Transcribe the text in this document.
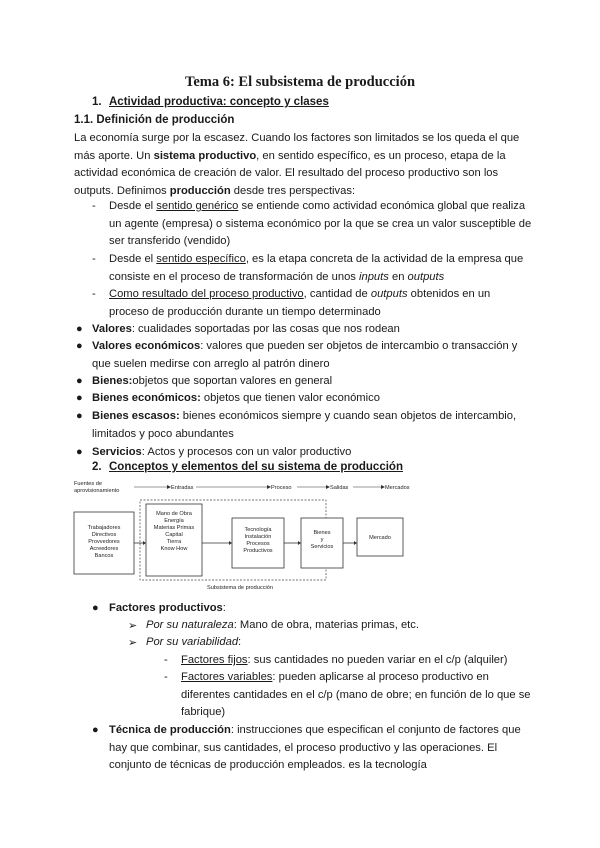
Tema 6: El subsistema de producción
1. Actividad productiva: concepto y clases
1.1. Definición de producción
La economía surge por la escasez. Cuando los factores son limitados se los queda el que
más aporte. Un sistema productivo, en sentido específico, es un proceso, etapa de la
actividad económica de creación de valor. El resultado del proceso productivo son los
outputs. Definimos producción desde tres perspectivas:
- Desde el sentido genérico se entiende como actividad económica global que realiza
un agente (empresa) o sistema económico por la que se crea un valor susceptible de
ser transferido (vendido)
- Desde el sentido específico, es la etapa concreta de la actividad de la empresa que
consiste en el proceso de transformación de unos inputs en outputs
- Como resultado del proceso productivo, cantidad de outputs obtenidos en un
proceso de producción durante un tiempo determinado
● Valores: cualidades soportadas por las cosas que nos rodean
● Valores económicos: valores que pueden ser objetos de intercambio o transacción y
que suelen medirse con arreglo al patrón dinero
● Bienes:objetos que soportan valores en general
● Bienes económicos: objetos que tienen valor económico
● Bienes escasos: bienes económicos siempre y cuando sean objetos de intercambio,
limitados y poco abundantes
● Servicios: Actos y procesos con un valor productivo
2. Conceptos y elementos del su sistema de producción
Fuentes de
aprovisionamiento	Entradas	Proceso	Salidas	Mercados
Trabajadores
Directivos
Provvedores
Acreedores
Bancos
Mano de Obra
Energía
Materias Primas
Capital
Tierra
Know How
Tecnología
Instalación
Procesos
Productivos
Bienes
y
Servicios
Mercado
Subsistema de producción
● Factores productivos:
➢ Por su naturaleza: Mano de obra, materias primas, etc.
➢ Por su variabilidad:
- Factores fijos: sus cantidades no pueden variar en el c/p (alquiler)
- Factores variables: pueden aplicarse al proceso productivo en
diferentes cantidades en el c/p (mano de obre; en función de lo que se
fabrique)
● Técnica de producción: instrucciones que especifican el conjunto de factores que
hay que combinar, sus cantidades, el proceso productivo y las operaciones. El
conjunto de técnicas de producción empleados. es la tecnología
